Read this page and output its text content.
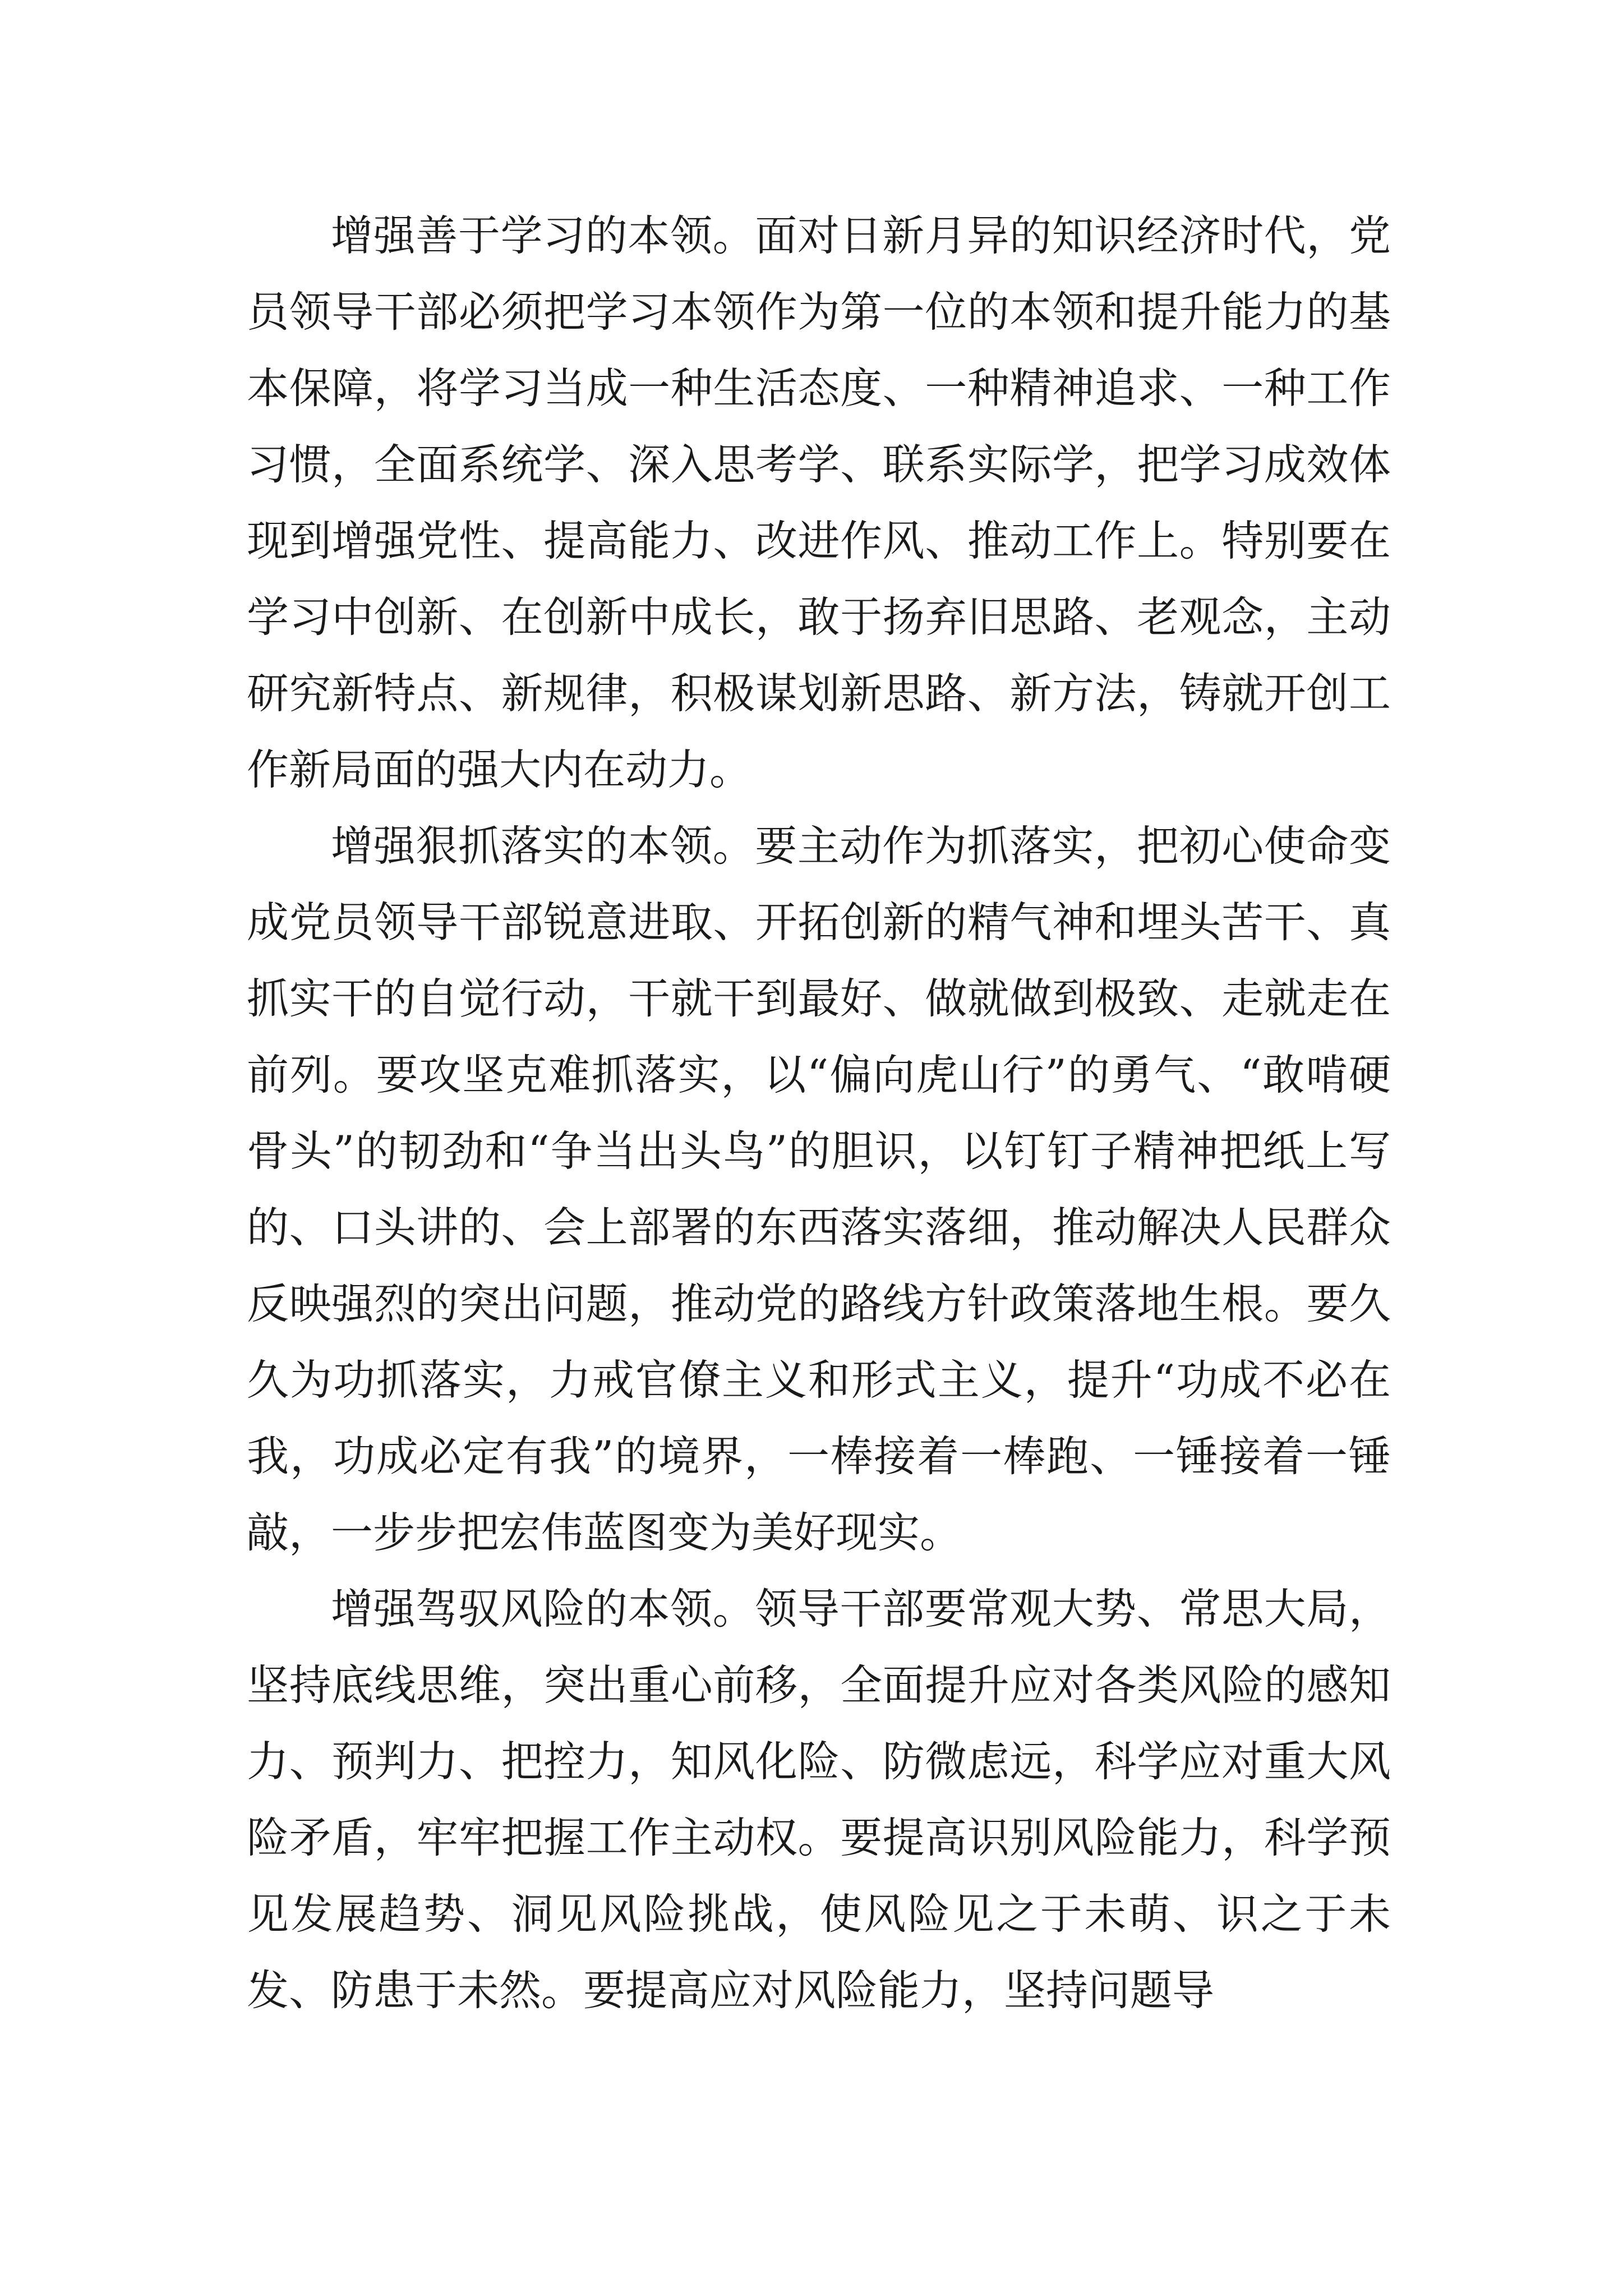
增强善于学习的本领。面对日新月异的知识经济时代，党员领导干部必须把学习本领作为第一位的本领和提升能力的基本保障，将学习当成一种生活态度、一种精神追求、一种工作习惯，全面系统学、深入思考学、联系实际学，把学习成效体现到增强党性、提高能力、改进作风、推动工作上。特别要在学习中创新、在创新中成长，敢于扬弃旧思路、老观念，主动研究新特点、新规律，积极谋划新思路、新方法，铸就开创工作新局面的强大内在动力。

增强狠抓落实的本领。要主动作为抓落实，把初心使命变成党员领导干部锐意进取、开拓创新的精气神和埋头苦干、真抓实干的自觉行动，干就干到最好、做就做到极致、走就走在前列。要攻坚克难抓落实，以“偏向虎山行”的勇气、“敢啃硬骨头”的韧劲和“争当出头鸟”的胆识，以钉钉子精神把纸上写的、口头讲的、会上部署的东西落实落细，推动解决人民群众反映强烈的突出问题，推动党的路线方针政策落地生根。要久久为功抓落实，力戒官僚主义和形式主义，提升“功成不必在我，功成必定有我”的境界，一棒接着一棒跑、一锤接着一锤敲，一步步把宏伟蓝图变为美好现实。

增强驾驭风险的本领。领导干部要常观大势、常思大局，坚持底线思维，突出重心前移，全面提升应对各类风险的感知力、预判力、把控力，知风化险、防微虑远，科学应对重大风险矛盾，牢牢把握工作主动权。要提高识别风险能力，科学预见发展趋势、洞见风险挑战，使风险见之于未萌、识之于未发、防患于未然。要提高应对风险能力，坚持问题导
